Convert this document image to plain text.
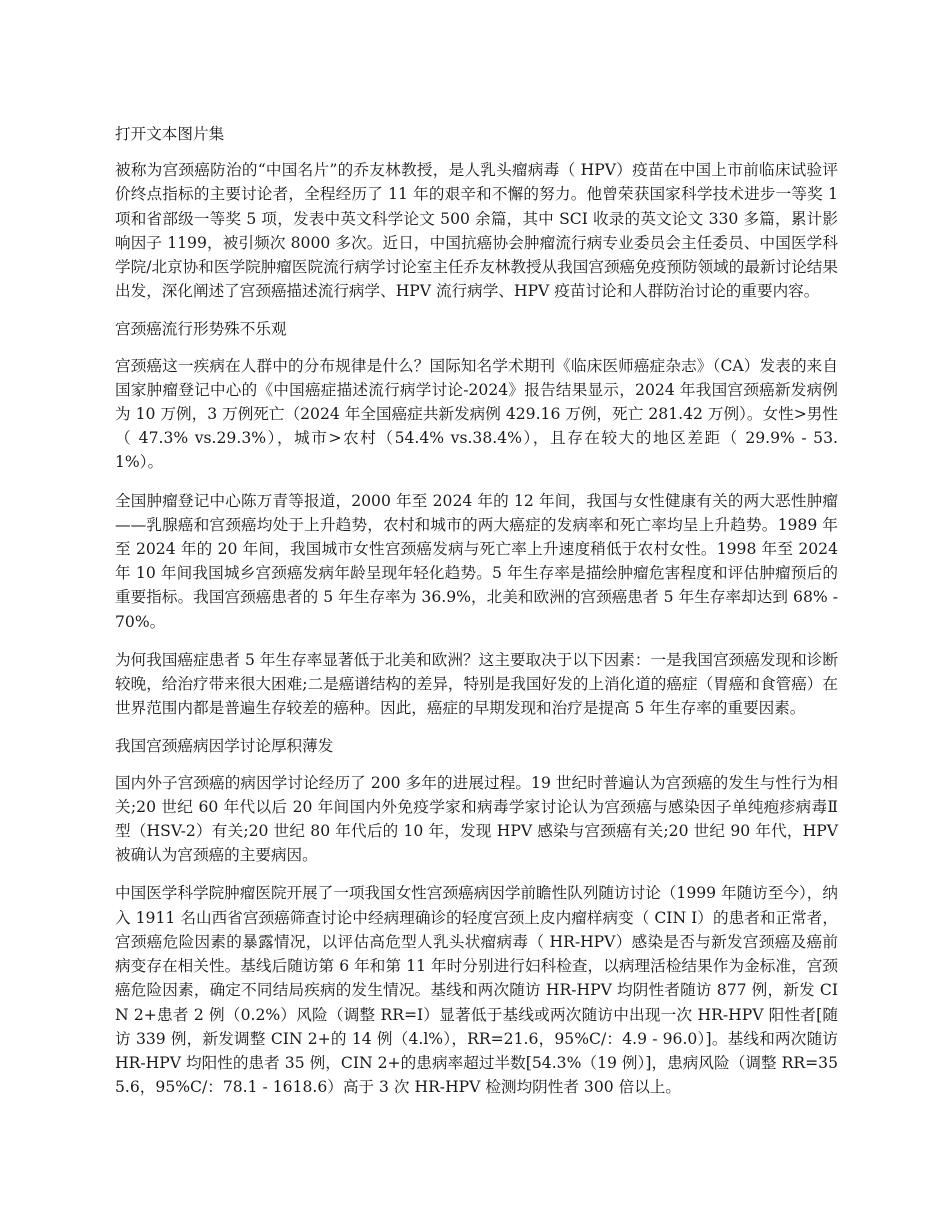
打开文本图片集

被称为宫颈癌防治的“中国名片”的乔友林教授，是人乳头瘤病毒（ HPV）疫苗在中国上市前临床试验评价终点指标的主要讨论者，全程经历了 11 年的艰辛和不懈的努力。他曾荣获国家科学技术进步一等奖 1 项和省部级一等奖 5 项，发表中英文科学论文 500 余篇，其中 SCI 收录的英文论文 330 多篇，累计影响因子 1199，被引频次 8000 多次。近日，中国抗癌协会肿瘤流行病专业委员会主任委员、中国医学科学院/北京协和医学院肿瘤医院流行病学讨论室主任乔友林教授从我国宫颈癌免疫预防领域的最新讨论结果出发，深化阐述了宫颈癌描述流行病学、HPV 流行病学、HPV 疫苗讨论和人群防治讨论的重要内容。

宫颈癌流行形势殊不乐观

宫颈癌这一疾病在人群中的分布规律是什么？国际知名学术期刊《临床医师癌症杂志》（CA）发表的来自国家肿瘤登记中心的《中国癌症描述流行病学讨论-2024》报告结果显示，2024 年我国宫颈癌新发病例为 10 万例，3 万例死亡（2024 年全国癌症共新发病例 429.16 万例，死亡 281.42 万例）。女性>男性（ 47.3% vs.29.3%），城市>农村（54.4% vs.38.4%），且存在较大的地区差距（ 29.9% - 53.1%）。

全国肿瘤登记中心陈万青等报道，2000 年至 2024 年的 12 年间，我国与女性健康有关的两大恶性肿瘤——乳腺癌和宫颈癌均处于上升趋势，农村和城市的两大癌症的发病率和死亡率均呈上升趋势。1989 年至 2024 年的 20 年间，我国城市女性宫颈癌发病与死亡率上升速度稍低于农村女性。1998 年至 2024 年 10 年间我国城乡宫颈癌发病年龄呈现年轻化趋势。5 年生存率是描绘肿瘤危害程度和评估肿瘤预后的重要指标。我国宫颈癌患者的 5 年生存率为 36.9%，北美和欧洲的宫颈癌患者 5 年生存率却达到 68% - 70%。

为何我国癌症患者 5 年生存率显著低于北美和欧洲？这主要取决于以下因素：一是我国宫颈癌发现和诊断较晚，给治疗带来很大困难;二是癌谱结构的差异，特别是我国好发的上消化道的癌症（胃癌和食管癌）在世界范围内都是普遍生存较差的癌种。因此，癌症的早期发现和治疗是提高 5 年生存率的重要因素。

我国宫颈癌病因学讨论厚积薄发

国内外子宫颈癌的病因学讨论经历了 200 多年的进展过程。19 世纪时普遍认为宫颈癌的发生与性行为相关;20 世纪 60 年代以后 20 年间国内外免疫学家和病毒学家讨论认为宫颈癌与感染因子单纯疱疹病毒Ⅱ型（HSV-2）有关;20 世纪 80 年代后的 10 年，发现 HPV 感染与宫颈癌有关;20 世纪 90 年代，HPV 被确认为宫颈癌的主要病因。

中国医学科学院肿瘤医院开展了一项我国女性宫颈癌病因学前瞻性队列随访讨论（1999 年随访至今），纳入 1911 名山西省宫颈癌筛查讨论中经病理确诊的轻度宫颈上皮内瘤样病变（ CIN I）的患者和正常者，宫颈癌危险因素的暴露情况，以评估高危型人乳头状瘤病毒（ HR-HPV）感染是否与新发宫颈癌及癌前病变存在相关性。基线后随访第 6 年和第 11 年时分别进行妇科检查，以病理活检结果作为金标准，宫颈癌危险因素，确定不同结局疾病的发生情况。基线和两次随访 HR-HPV 均阴性者随访 877 例，新发 CIN 2+患者 2 例（0.2%）风险（调整 RR=I）显著低于基线或两次随访中出现一次 HR-HPV 阳性者[随访 339 例，新发调整 CIN 2+的 14 例（4.l%），RR=21.6，95%C/：4.9 - 96.0）]。基线和两次随访 HR-HPV 均阳性的患者 35 例，CIN 2+的患病率超过半数[54.3%（19 例）]，患病风险（调整 RR=355.6，95%C/：78.1 - 1618.6）高于 3 次 HR-HPV 检测均阴性者 300 倍以上。
